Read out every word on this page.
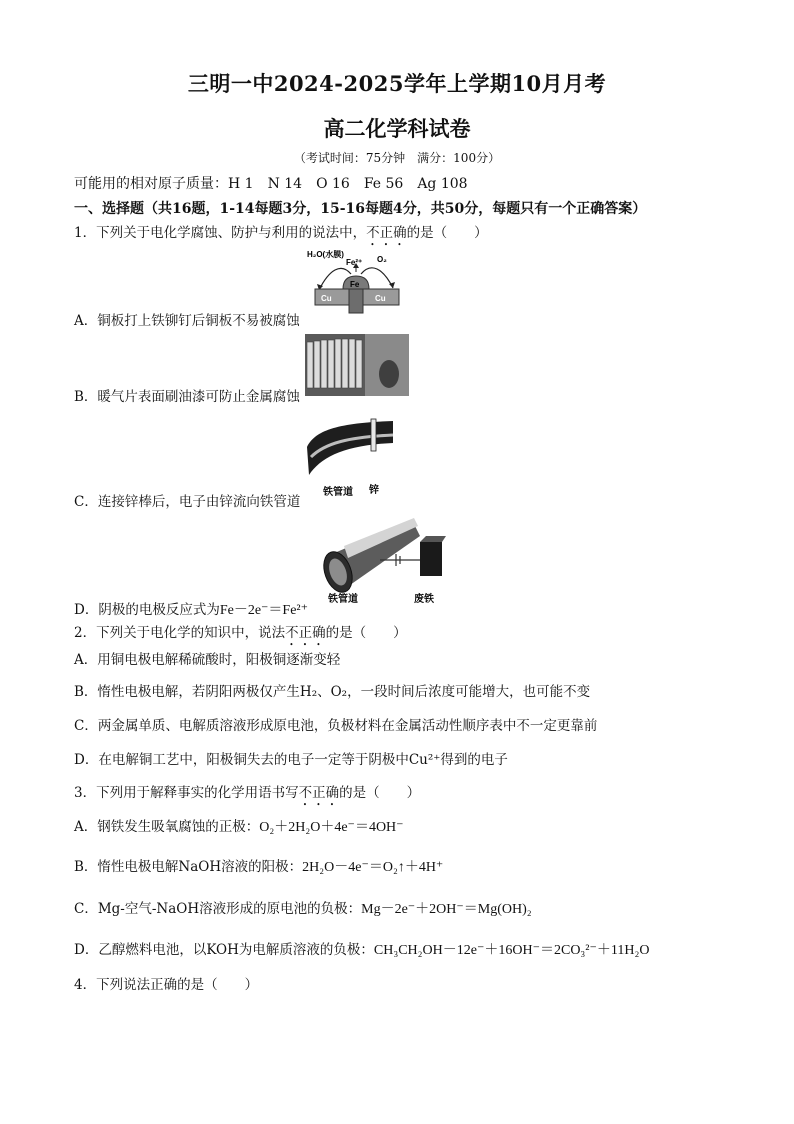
三明一中2024-2025学年上学期10月月考
高二化学科试卷
（考试时间：75分钟　满分：100分）
可能用的相对原子质量：H 1　N 14　O 16　Fe 56　Ag 108
一、选择题（共16题，1-14每题3分，15-16每题4分，共50分，每题只有一个正确答案）
1．下列关于电化学腐蚀、防护与利用的说法中，不正确的是（　　）
H₂O(水膜)
Fe²⁺ O₂
Fe
Cu	Cu
A．铜板打上铁铆钉后铜板不易被腐蚀
B．暖气片表面刷油漆可防止金属腐蚀
铁管道 锌
C．连接锌棒后，电子由锌流向铁管道
铁管道	废铁
D．阴极的电极反应式为Fe－2e⁻＝Fe²⁺
2．下列关于电化学的知识中，说法不正确的是（　　）
A．用铜电极电解稀硫酸时，阳极铜逐渐变轻
B．惰性电极电解，若阴阳两极仅产生H₂、O₂，一段时间后浓度可能增大，也可能不变
C．两金属单质、电解质溶液形成原电池，负极材料在金属活动性顺序表中不一定更靠前
D．在电解铜工艺中，阳极铜失去的电子一定等于阴极中Cu²⁺得到的电子
3．下列用于解释事实的化学用语书写不正确的是（　　）
A．钢铁发生吸氧腐蚀的正极：O₂＋2H₂O＋4e⁻＝4OH⁻
B．惰性电极电解NaOH溶液的阳极：2H₂O－4e⁻＝O₂↑＋4H⁺
C．Mg-空气-NaOH溶液形成的原电池的负极：Mg－2e⁻＋2OH⁻＝Mg(OH)₂
D．乙醇燃料电池，以KOH为电解质溶液的负极：CH₃CH₂OH－12e⁻＋16OH⁻＝2CO₃²⁻＋11H₂O
4．下列说法正确的是（　　）
